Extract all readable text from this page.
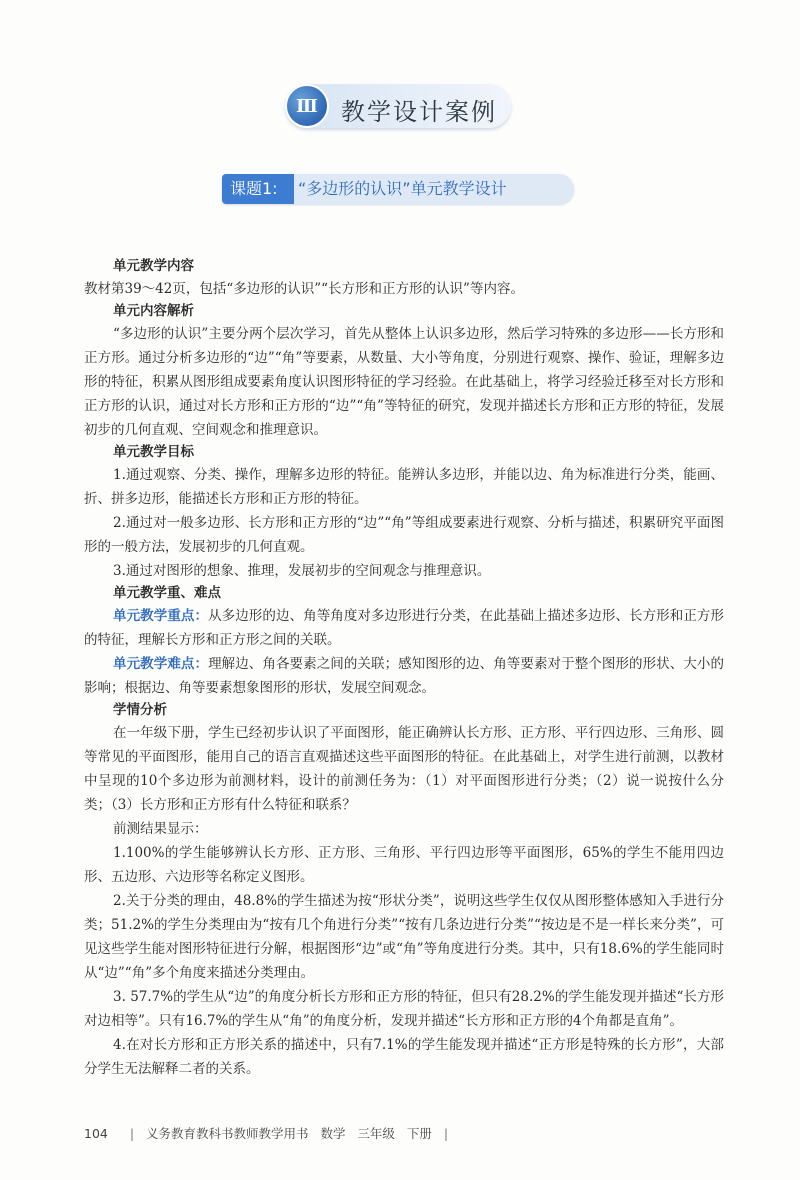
Ⅲ 教学设计案例
课题1:	“多边形的认识”单元教学设计
单元教学内容

教材第39～42页，包括“多边形的认识”“长方形和正方形的认识”等内容。

单元内容解析

“多边形的认识”主要分两个层次学习，首先从整体上认识多边形，然后学习特殊的多边形——长方形和正方形。通过分析多边形的“边”“角”等要素，从数量、大小等角度，分别进行观察、操作、验证，理解多边形的特征，积累从图形组成要素角度认识图形特征的学习经验。在此基础上，将学习经验迁移至对长方形和正方形的认识，通过对长方形和正方形的“边”“角”等特征的研究，发现并描述长方形和正方形的特征，发展初步的几何直观、空间观念和推理意识。

单元教学目标

1.通过观察、分类、操作，理解多边形的特征。能辨认多边形，并能以边、角为标准进行分类，能画、折、拼多边形，能描述长方形和正方形的特征。

2.通过对一般多边形、长方形和正方形的“边”“角”等组成要素进行观察、分析与描述，积累研究平面图形的一般方法，发展初步的几何直观。

3.通过对图形的想象、推理，发展初步的空间观念与推理意识。

单元教学重、难点

单元教学重点：从多边形的边、角等角度对多边形进行分类，在此基础上描述多边形、长方形和正方形的特征，理解长方形和正方形之间的关联。

单元教学难点：理解边、角各要素之间的关联；感知图形的边、角等要素对于整个图形的形状、大小的影响；根据边、角等要素想象图形的形状，发展空间观念。

学情分析

在一年级下册，学生已经初步认识了平面图形，能正确辨认长方形、正方形、平行四边形、三角形、圆等常见的平面图形，能用自己的语言直观描述这些平面图形的特征。在此基础上，对学生进行前测，以教材中呈现的10个多边形为前测材料，设计的前测任务为：（1）对平面图形进行分类；（2）说一说按什么分类；（3）长方形和正方形有什么特征和联系？

前测结果显示：

1.100%的学生能够辨认长方形、正方形、三角形、平行四边形等平面图形，65%的学生不能用四边形、五边形、六边形等名称定义图形。

2.关于分类的理由，48.8%的学生描述为按“形状分类”，说明这些学生仅仅从图形整体感知入手进行分类；51.2%的学生分类理由为“按有几个角进行分类”“按有几条边进行分类”“按边是不是一样长来分类”，可见这些学生能对图形特征进行分解，根据图形“边”或“角”等角度进行分类。其中，只有18.6%的学生能同时从“边”“角”多个角度来描述分类理由。

3. 57.7%的学生从“边”的角度分析长方形和正方形的特征，但只有28.2%的学生能发现并描述“长方形对边相等”。只有16.7%的学生从“角”的角度分析，发现并描述“长方形和正方形的4个角都是直角”。

4.在对长方形和正方形关系的描述中，只有7.1%的学生能发现并描述“正方形是特殊的长方形”，大部分学生无法解释二者的关系。

104 | 义务教育教科书教师教学用书 数学 三年级 下册 |
